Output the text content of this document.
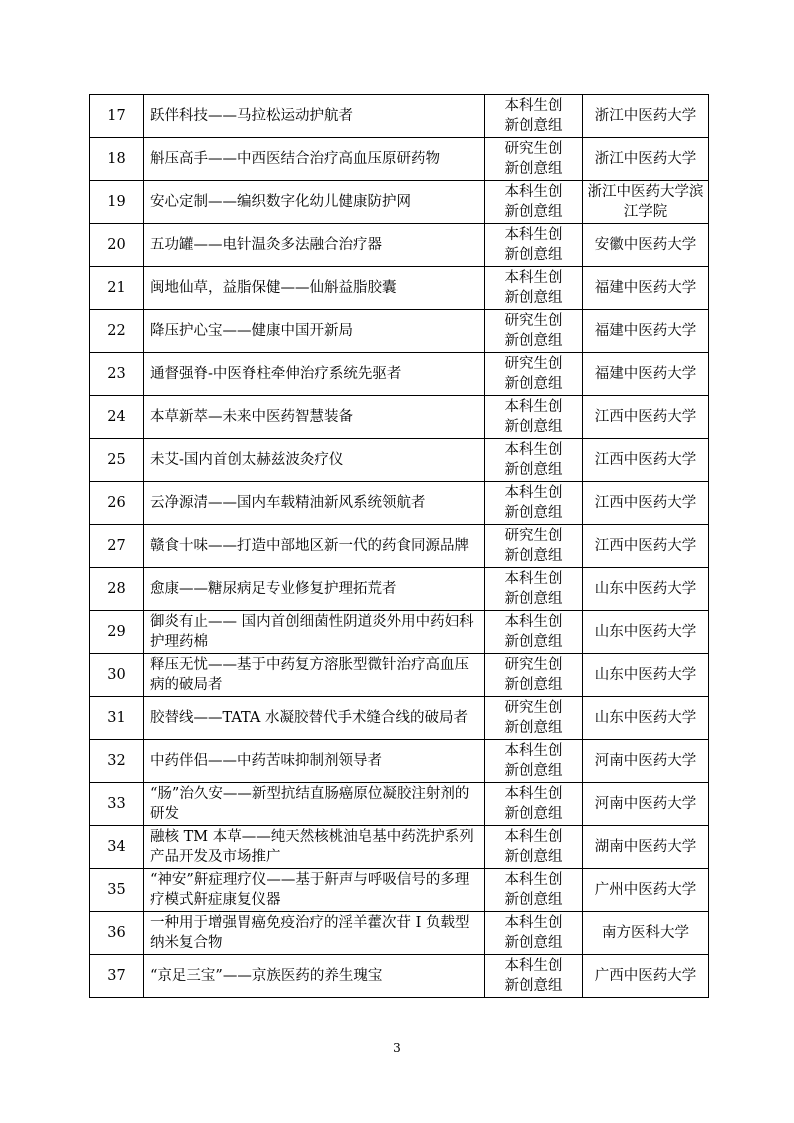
17	跃伴科技——马拉松运动护航者	本科生创
新创意组	浙江中医药大学
18	斛压高手——中西医结合治疗高血压原研药物	研究生创
新创意组	浙江中医药大学
19	安心定制——编织数字化幼儿健康防护网	本科生创
新创意组	浙江中医药大学滨江学院
20	五功罐——电针温灸多法融合治疗器	本科生创
新创意组	安徽中医药大学
21	闽地仙草，益脂保健——仙斛益脂胶囊	本科生创
新创意组	福建中医药大学
22	降压护心宝——健康中国开新局	研究生创
新创意组	福建中医药大学
23	通督强脊-中医脊柱牵伸治疗系统先驱者	研究生创
新创意组	福建中医药大学
24	本草新萃—未来中医药智慧装备	本科生创
新创意组	江西中医药大学
25	未艾-国内首创太赫兹波灸疗仪	本科生创
新创意组	江西中医药大学
26	云净源清——国内车载精油新风系统领航者	本科生创
新创意组	江西中医药大学
27	赣食十味——打造中部地区新一代的药食同源品牌	研究生创
新创意组	江西中医药大学
28	愈康——糖尿病足专业修复护理拓荒者	本科生创
新创意组	山东中医药大学
29	御炎有止—— 国内首创细菌性阴道炎外用中药妇科护理药棉	本科生创
新创意组	山东中医药大学
30	释压无忧——基于中药复方溶胀型微针治疗高血压病的破局者	研究生创
新创意组	山东中医药大学
31	胶替线——TATA 水凝胶替代手术缝合线的破局者	研究生创
新创意组	山东中医药大学
32	中药伴侣——中药苦味抑制剂领导者	本科生创
新创意组	河南中医药大学
33	“肠”治久安——新型抗结直肠癌原位凝胶注射剂的研发	本科生创
新创意组	河南中医药大学
34	融核 TM 本草——纯天然核桃油皂基中药洗护系列产品开发及市场推广	本科生创
新创意组	湖南中医药大学
35	“神安”鼾症理疗仪——基于鼾声与呼吸信号的多理疗模式鼾症康复仪器	本科生创
新创意组	广州中医药大学
36	一种用于增强胃癌免疫治疗的淫羊藿次苷 I 负载型纳米复合物	本科生创
新创意组	南方医科大学
37	“京足三宝”——京族医药的养生瑰宝	本科生创
新创意组	广西中医药大学
3
